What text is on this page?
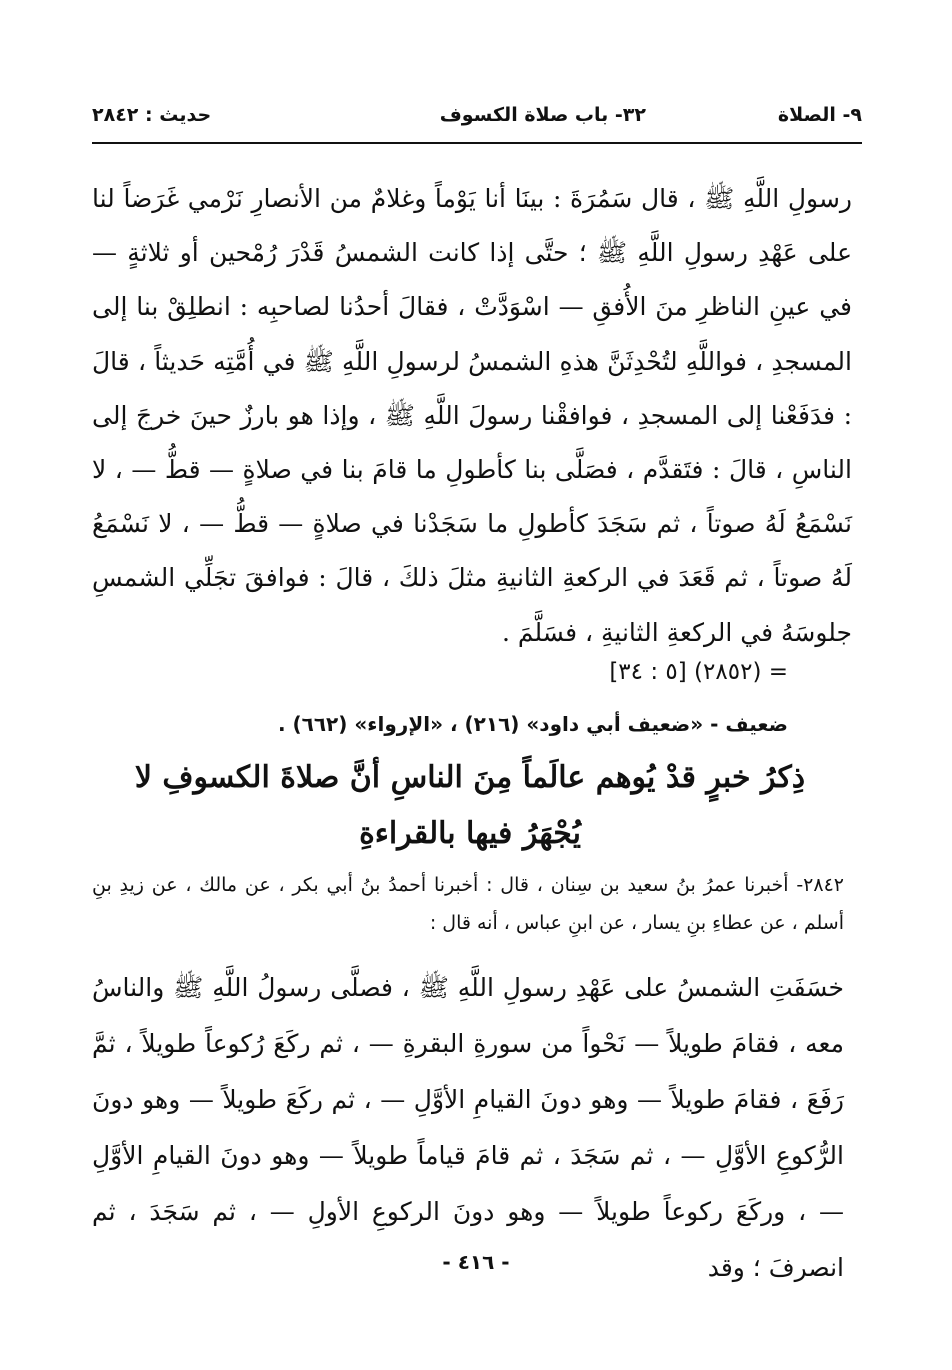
٩- الصلاة
٣٢- باب صلاة الكسوف
حديث : ٢٨٤٢

رسولِ اللَّهِ ﷺ ، قال سَمُرَةَ : بينَا أنا يَوْماً وغلامٌ من الأنصارِ نَرْمي غَرَضاً لنا على عَهْدِ رسولِ اللَّهِ ﷺ ؛ حتَّى إذا كانت الشمسُ قَدْرَ رُمْحين أو ثلاثةٍ — في عينِ الناظرِ منَ الأُفقِ — اسْوَدَّتْ ، فقالَ أحدُنا لصاحبِه : انطلِقْ بنا إلى المسجدِ ، فواللَّهِ لتُحْدِثَنَّ هذهِ الشمسُ لرسولِ اللَّهِ ﷺ في أُمَّتِه حَديثاً ، قالَ : فدَفَعْنا إلى المسجدِ ، فوافقْنا رسولَ اللَّهِ ﷺ ، وإذا هو بارزٌ حينَ خرجَ إلى الناسِ ، قالَ : فتَقدَّم ، فصَلَّى بنا كأطولِ ما قامَ بنا في صلاةٍ — قطُّ — ، لا نَسْمَعُ لَهُ صوتاً ، ثم سَجَدَ كأطولِ ما سَجَدْنا في صلاةٍ — قطُّ — ، لا نَسْمَعُ لَهُ صوتاً ، ثم قَعَدَ في الركعةِ الثانيةِ مثلَ ذلكَ ، قالَ : فوافقَ تجَلِّي الشمسِ جلوسَهُ في الركعةِ الثانيةِ ، فسَلَّمَ .

= (٢٨٥٢) [٥ : ٣٤]
ضعيف - «ضعيف أبي داود» (٢١٦) ، «الإرواء» (٦٦٢) .
ذِكرُ خبرٍ قدْ يُوهم عالَماً مِنَ الناسِ أنَّ صلاةَ الكسوفِ لا يُجْهَرُ فيها بالقراءةِ
٢٨٤٢- أخبرنا عمرُ بنُ سعيد بن سِنان ، قال : أخبرنا أحمدُ بنُ أبي بكر ، عن مالك ، عن زيدِ بنِ أسلم ، عن عطاءِ بنِ يسار ، عن ابنِ عباس ، أنه قال :

خسَفَتِ الشمسُ على عَهْدِ رسولِ اللَّهِ ﷺ ، فصلَّى رسولُ اللَّهِ ﷺ والناسُ معه ، فقامَ طويلاً — نَحْواً من سورةِ البقرةِ — ، ثم ركَعَ رُكوعاً طويلاً ، ثمَّ رَفَعَ ، فقامَ طويلاً — وهو دونَ القيامِ الأوَّلِ — ، ثم ركَعَ طويلاً — وهو دونَ الرُّكوعِ الأوَّلِ — ، ثم سَجَدَ ، ثم قامَ قياماً طويلاً — وهو دونَ القيامِ الأوَّلِ — ، وركَعَ ركوعاً طويلاً — وهو دونَ الركوعِ الأولِ — ، ثم سَجَدَ ، ثم انصرفَ ؛ وقد

- ٤١٦ -
